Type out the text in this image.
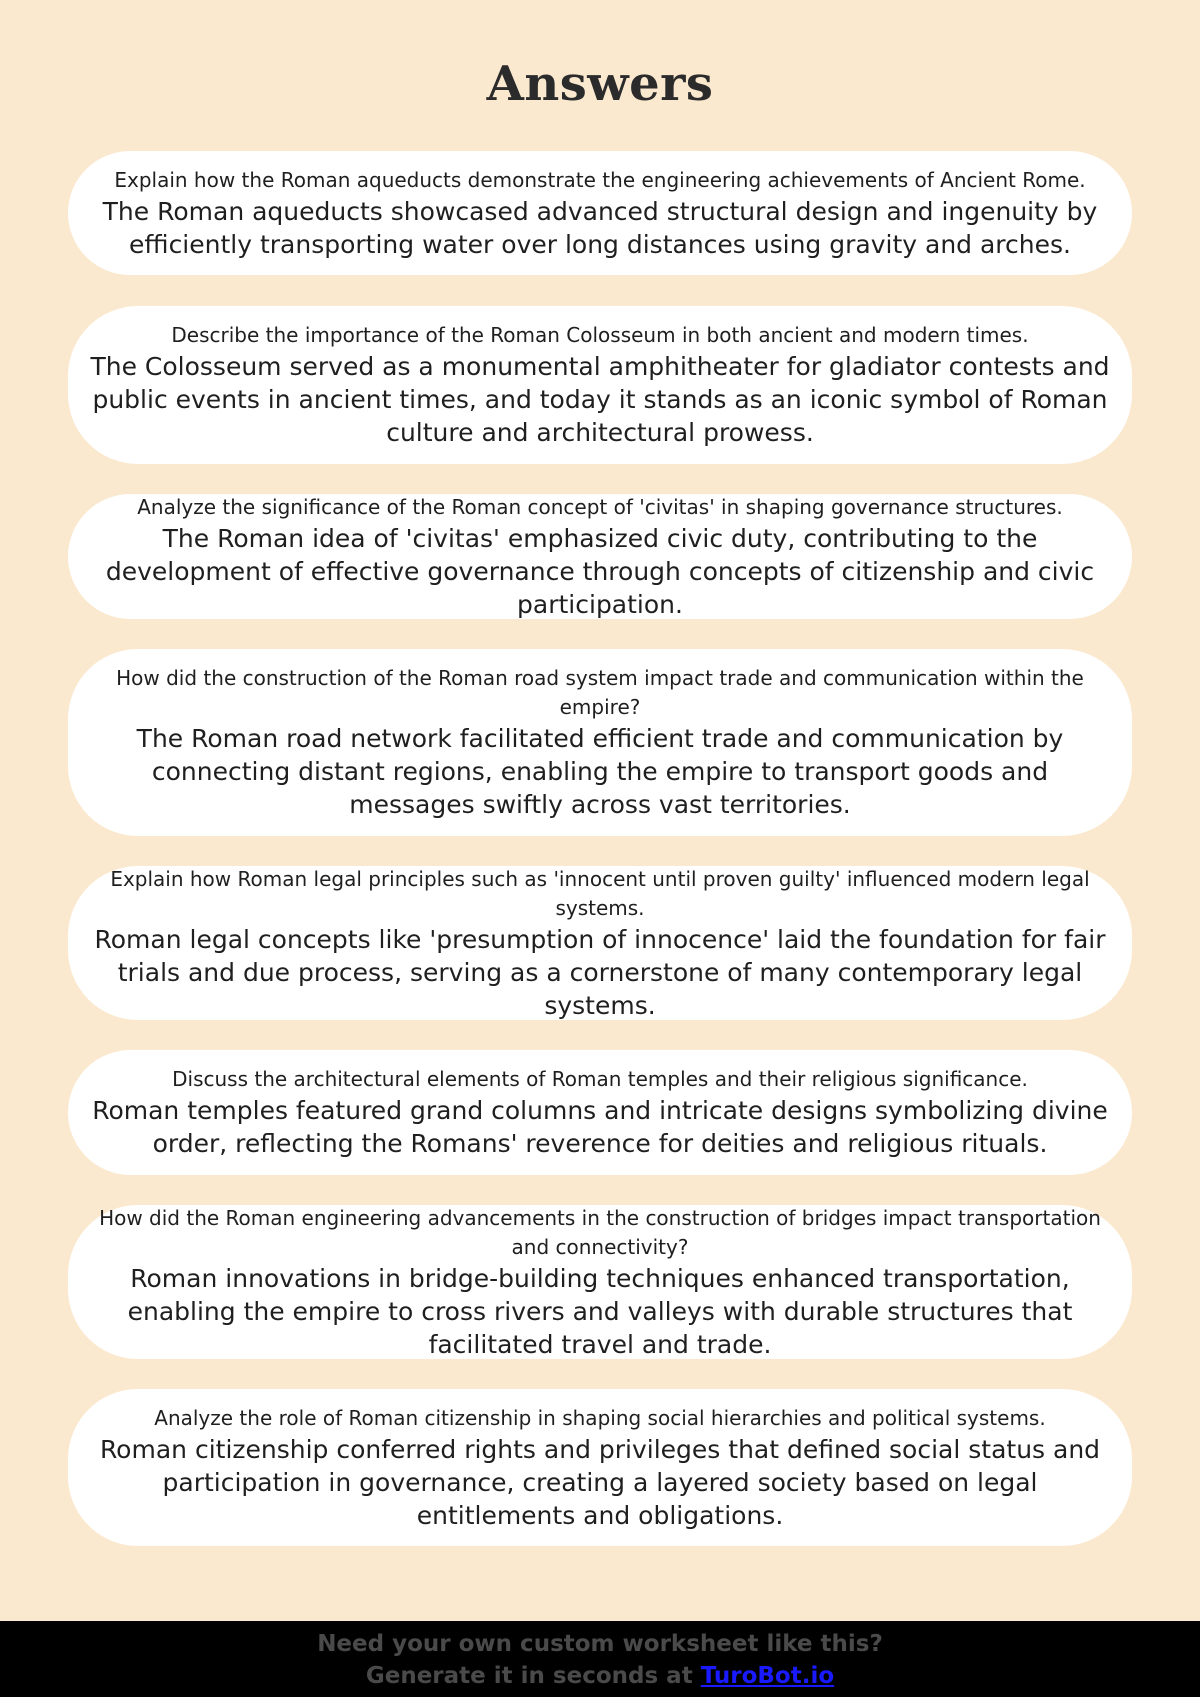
Answers
Explain how the Roman aqueducts demonstrate the engineering achievements of Ancient Rome.
The Roman aqueducts showcased advanced structural design and ingenuity by efficiently transporting water over long distances using gravity and arches.
Describe the importance of the Roman Colosseum in both ancient and modern times.
The Colosseum served as a monumental amphitheater for gladiator contests and public events in ancient times, and today it stands as an iconic symbol of Roman culture and architectural prowess.
Analyze the significance of the Roman concept of 'civitas' in shaping governance structures.
The Roman idea of 'civitas' emphasized civic duty, contributing to the development of effective governance through concepts of citizenship and civic participation.
How did the construction of the Roman road system impact trade and communication within the empire?
The Roman road network facilitated efficient trade and communication by connecting distant regions, enabling the empire to transport goods and messages swiftly across vast territories.
Explain how Roman legal principles such as 'innocent until proven guilty' influenced modern legal systems.
Roman legal concepts like 'presumption of innocence' laid the foundation for fair trials and due process, serving as a cornerstone of many contemporary legal systems.
Discuss the architectural elements of Roman temples and their religious significance.
Roman temples featured grand columns and intricate designs symbolizing divine order, reflecting the Romans' reverence for deities and religious rituals.
How did the Roman engineering advancements in the construction of bridges impact transportation and connectivity?
Roman innovations in bridge-building techniques enhanced transportation, enabling the empire to cross rivers and valleys with durable structures that facilitated travel and trade.
Analyze the role of Roman citizenship in shaping social hierarchies and political systems.
Roman citizenship conferred rights and privileges that defined social status and participation in governance, creating a layered society based on legal entitlements and obligations.
Need your own custom worksheet like this?
Generate it in seconds at TuroBot.io
